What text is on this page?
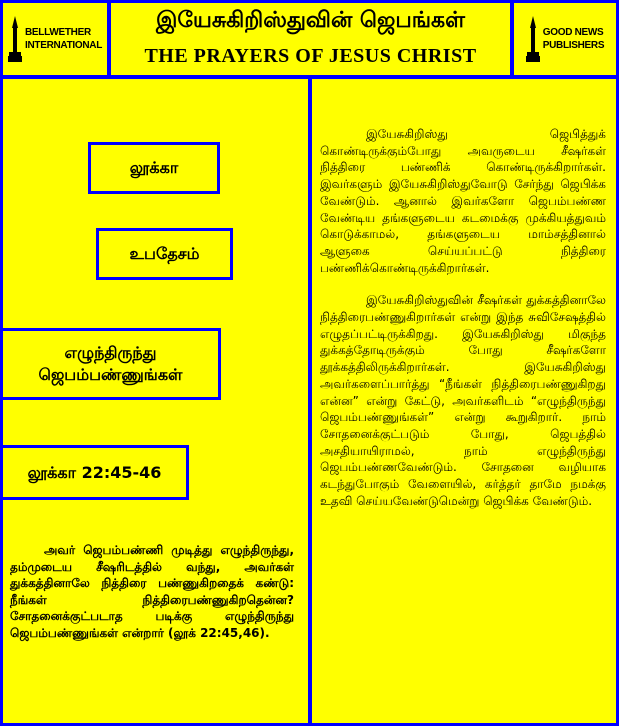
BELLWETHER
INTERNATIONAL
இயேசுகிறிஸ்துவின் ஜெபங்கள்
THE PRAYERS OF JESUS CHRIST
GOOD NEWS
PUBLISHERS
லூக்கா
உபதேசம்
எழுந்திருந்து
ஜெபம்பண்ணுங்கள்
லூக்கா 22:45-46

அவர் ஜெபம்பண்ணி முடித்து எழுந்திருந்து, தம்முடைய சீஷரிடத்தில் வந்து, அவர்கள் துக்கத்தினாலே நித்திரை பண்ணுகிறதைக் கண்டு: நீங்கள் நித்திரைபண்ணுகிறதென்ன? சோதனைக்குட்படாத படிக்கு எழுந்திருந்து ஜெபம்பண்ணுங்கள் என்றார் (லூக் 22:45,46).

இயேசுகிறிஸ்து ஜெபித்துக் கொண்டிருக்கும்போது அவருடைய சீஷர்கள் நித்திரை பண்ணிக் கொண்டிருக்கிறார்கள். இவர்களும் இயேசுகிறிஸ்துவோடு சேர்ந்து ஜெபிக்க வேண்டும். ஆனால் இவர்களோ ஜெபம்பண்ண வேண்டிய தங்களுடைய கடமைக்கு முக்கியத்துவம் கொடுக்காமல், தங்களுடைய மாம்சத்தினால் ஆளுகை செய்யப்பட்டு நித்திரை பண்ணிக்கொண்டிருக்கிறார்கள்.

இயேசுகிறிஸ்துவின் சீஷர்கள் துக்கத்தினாலே நித்திரைபண்ணுகிறார்கள் என்று இந்த சுவிசேஷத்தில் எழுதப்பட்டிருக்கிறது. இயேசுகிறிஸ்து மிகுந்த துக்கத்தோடிருக்கும் போது சீஷர்களோ தூக்கத்திலிருக்கிறார்கள். இயேசுகிறிஸ்து அவர்களைப்பார்த்து “நீங்கள் நித்திரைபண்ணுகிறது என்ன” என்று கேட்டு, அவர்களிடம் “எழுந்திருந்து ஜெபம்பண்ணுங்கள்” என்று கூறுகிறார். நாம் சோதனைக்குட்படும் போது, ஜெபத்தில் அசதியாயிராமல், நாம் எழுந்திருந்து ஜெபம்பண்ணவேண்டும். சோதனை வழியாக கடந்துபோகும் வேளையில், கர்த்தர் தாமே நமக்கு உதவி செய்யவேண்டுமென்று ஜெபிக்க வேண்டும்.
